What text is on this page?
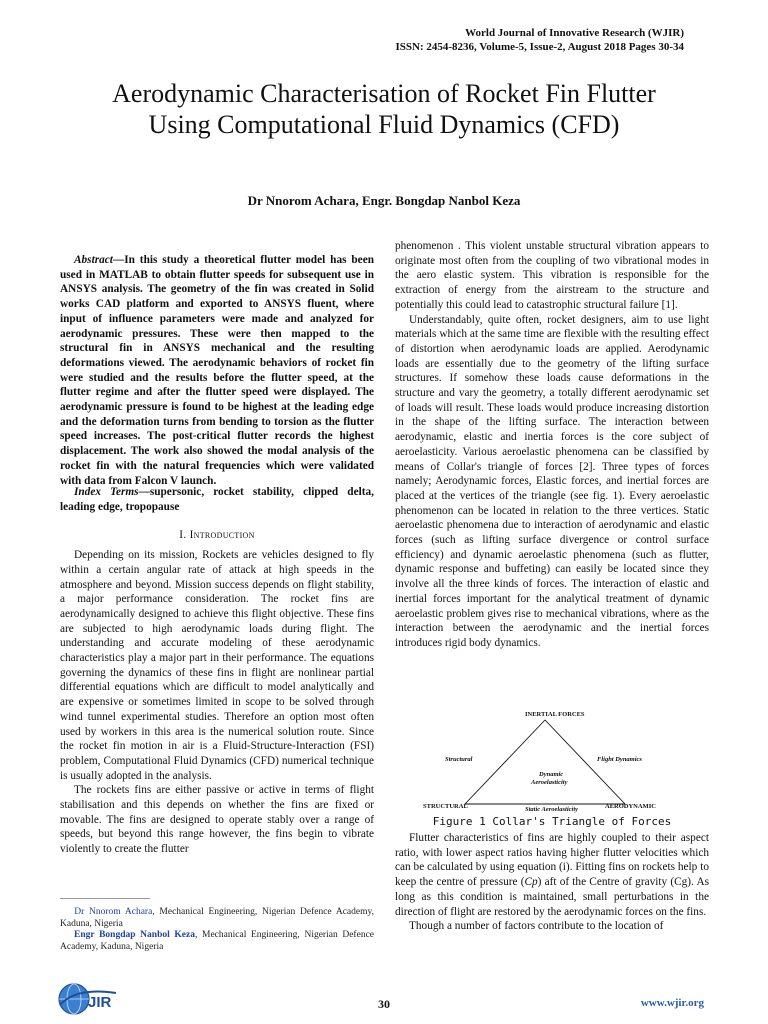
World Journal of Innovative Research (WJIR)
ISSN: 2454-8236, Volume-5, Issue-2, August 2018 Pages 30-34
Aerodynamic Characterisation of Rocket Fin Flutter
Using Computational Fluid Dynamics (CFD)
Dr Nnorom Achara, Engr. Bongdap Nanbol Keza

Abstract—In this study a theoretical flutter model has been used in MATLAB to obtain flutter speeds for subsequent use in ANSYS analysis. The geometry of the fin was created in Solid works CAD platform and exported to ANSYS fluent, where input of influence parameters were made and analyzed for aerodynamic pressures. These were then mapped to the structural fin in ANSYS mechanical and the resulting deformations viewed. The aerodynamic behaviors of rocket fin were studied and the results before the flutter speed, at the flutter regime and after the flutter speed were displayed. The aerodynamic pressure is found to be highest at the leading edge and the deformation turns from bending to torsion as the flutter speed increases. The post-critical flutter records the highest displacement. The work also showed the modal analysis of the rocket fin with the natural frequencies which were validated with data from Falcon V launch.

Index Terms—supersonic, rocket stability, clipped delta, leading edge, tropopause

I. Introduction

Depending on its mission, Rockets are vehicles designed to fly within a certain angular rate of attack at high speeds in the atmosphere and beyond. Mission success depends on flight stability, a major performance consideration. The rocket fins are aerodynamically designed to achieve this flight objective. These fins are subjected to high aerodynamic loads during flight. The understanding and accurate modeling of these aerodynamic characteristics play a major part in their performance. The equations governing the dynamics of these fins in flight are nonlinear partial differential equations which are difficult to model analytically and are expensive or sometimes limited in scope to be solved through wind tunnel experimental studies. Therefore an option most often used by workers in this area is the numerical solution route. Since the rocket fin motion in air is a Fluid-Structure-Interaction (FSI) problem, Computational Fluid Dynamics (CFD) numerical technique is usually adopted in the analysis.

The rockets fins are either passive or active in terms of flight stabilisation and this depends on whether the fins are fixed or movable. The fins are designed to operate stably over a range of speeds, but beyond this range however, the fins begin to vibrate violently to create the flutter

phenomenon . This violent unstable structural vibration appears to originate most often from the coupling of two vibrational modes in the aero elastic system. This vibration is responsible for the extraction of energy from the airstream to the structure and potentially this could lead to catastrophic structural failure [1].

Understandably, quite often, rocket designers, aim to use light materials which at the same time are flexible with the resulting effect of distortion when aerodynamic loads are applied. Aerodynamic loads are essentially due to the geometry of the lifting surface structures. If somehow these loads cause deformations in the structure and vary the geometry, a totally different aerodynamic set of loads will result. These loads would produce increasing distortion in the shape of the lifting surface. The interaction between aerodynamic, elastic and inertia forces is the core subject of aeroelasticity. Various aeroelastic phenomena can be classified by means of Collar's triangle of forces [2]. Three types of forces namely; Aerodynamic forces, Elastic forces, and inertial forces are placed at the vertices of the triangle (see fig. 1). Every aeroelastic phenomenon can be located in relation to the three vertices. Static aeroelastic phenomena due to interaction of aerodynamic and elastic forces (such as lifting surface divergence or control surface efficiency) and dynamic aeroelastic phenomena (such as flutter, dynamic response and buffeting) can easily be located since they involve all the three kinds of forces. The interaction of elastic and inertial forces important for the analytical treatment of dynamic aeroelastic problem gives rise to mechanical vibrations, where as the interaction between the aerodynamic and the inertial forces introduces rigid body dynamics.

INERTIAL FORCES
Structural	Flight Dynamics
Dynamic
Aeroelasticity
STRUCTURAL	AERODYNAMIC
Static Aeroelasticity
Figure 1 Collar's Triangle of Forces

Flutter characteristics of fins are highly coupled to their aspect ratio, with lower aspect ratios having higher flutter velocities which can be calculated by using equation (i). Fitting fins on rockets help to keep the centre of pressure (Cp) aft of the Centre of gravity (Cg). As long as this condition is maintained, small perturbations in the direction of flight are restored by the aerodynamic forces on the fins.

Though a number of factors contribute to the location of

Dr Nnorom Achara, Mechanical Engineering, Nigerian Defence Academy, Kaduna, Nigeria
Engr Bongdap Nanbol Keza, Mechanical Engineering, Nigerian Defence Academy, Kaduna, Nigeria
JIR	30	www.wjir.org
